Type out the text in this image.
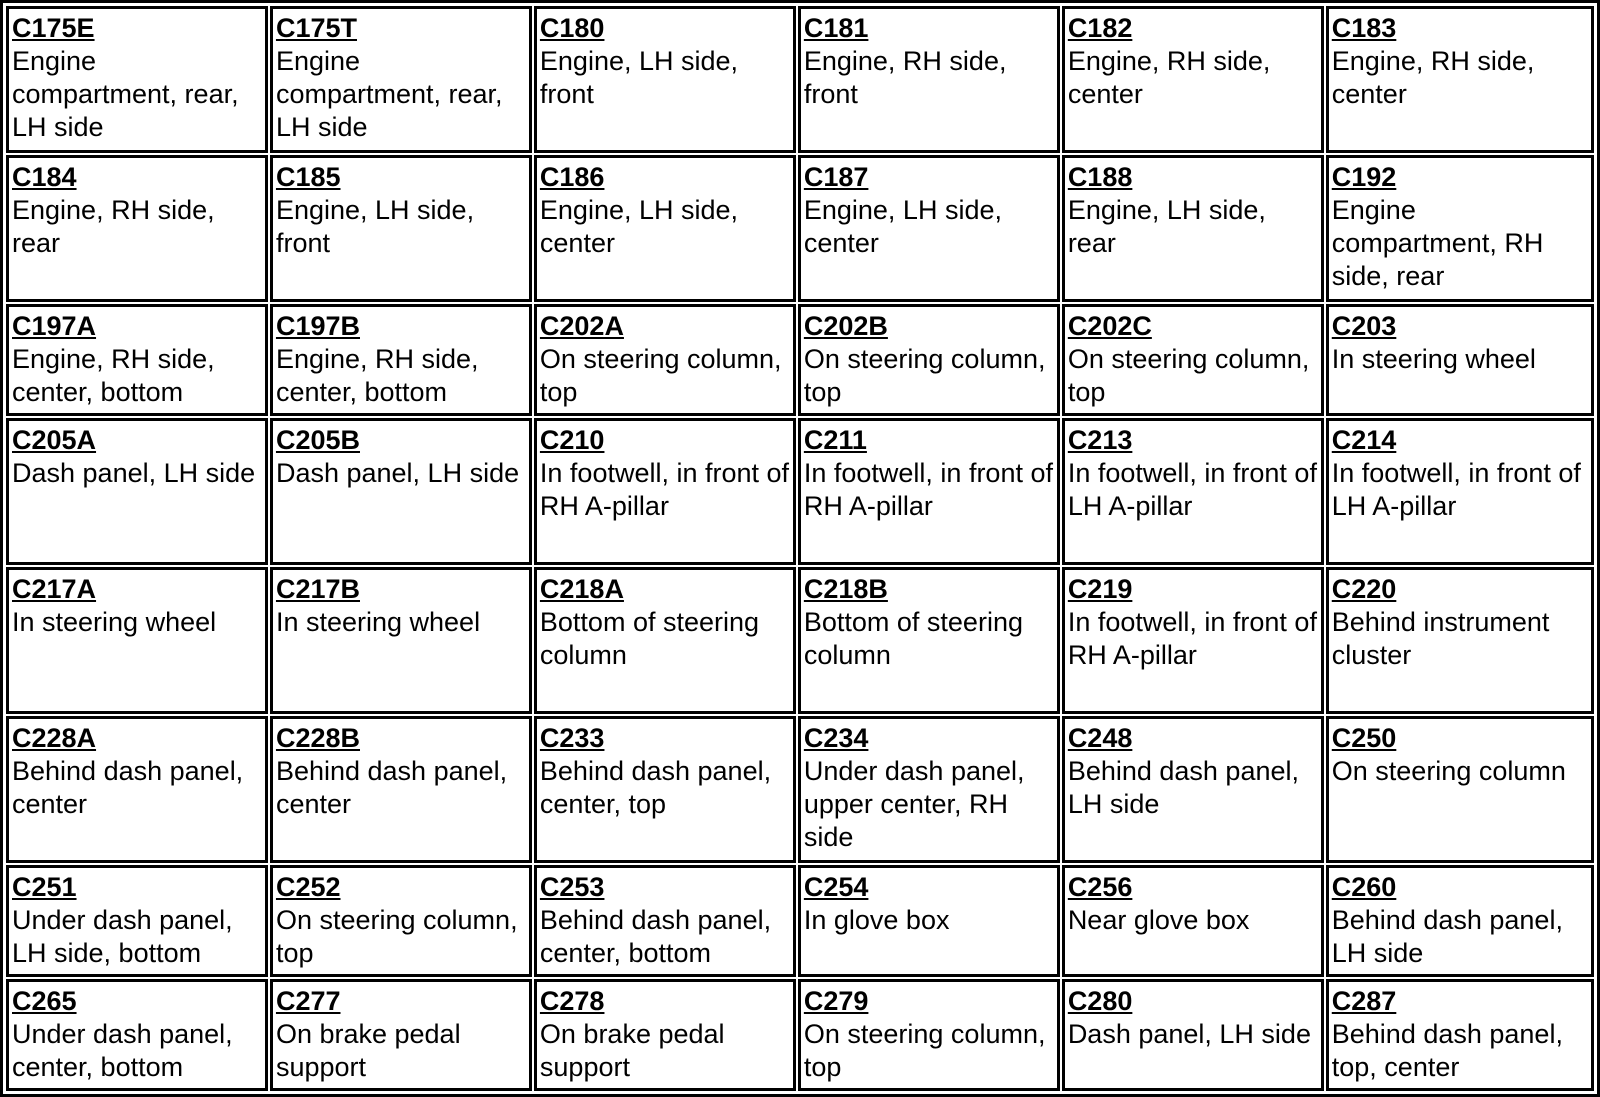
C175E
Engine compartment, rear, LH side	C175T
Engine compartment, rear, LH side	C180
Engine, LH side, front	C181
Engine, RH side, front	C182
Engine, RH side, center	C183
Engine, RH side, center

C184
Engine, RH side, rear	C185
Engine, LH side, front	C186
Engine, LH side, center	C187
Engine, LH side, center	C188
Engine, LH side, rear	C192
Engine compartment, RH side, rear

C197A
Engine, RH side, center, bottom	C197B
Engine, RH side, center, bottom	C202A
On steering column, top	C202B
On steering column, top	C202C
On steering column, top	C203
In steering wheel

C205A
Dash panel, LH side	C205B
Dash panel, LH side	C210
In footwell, in front of RH A-pillar	C211
In footwell, in front of RH A-pillar	C213
In footwell, in front of LH A-pillar	C214
In footwell, in front of LH A-pillar

C217A
In steering wheel	C217B
In steering wheel	C218A
Bottom of steering column	C218B
Bottom of steering column	C219
In footwell, in front of RH A-pillar	C220
Behind instrument cluster

C228A
Behind dash panel, center	C228B
Behind dash panel, center	C233
Behind dash panel, center, top	C234
Under dash panel, upper center, RH side	C248
Behind dash panel, LH side	C250
On steering column

C251
Under dash panel, LH side, bottom	C252
On steering column, top	C253
Behind dash panel, center, bottom	C254
In glove box	C256
Near glove box	C260
Behind dash panel, LH side

C265
Under dash panel, center, bottom	C277
On brake pedal support	C278
On brake pedal support	C279
On steering column, top	C280
Dash panel, LH side	C287
Behind dash panel, top, center
